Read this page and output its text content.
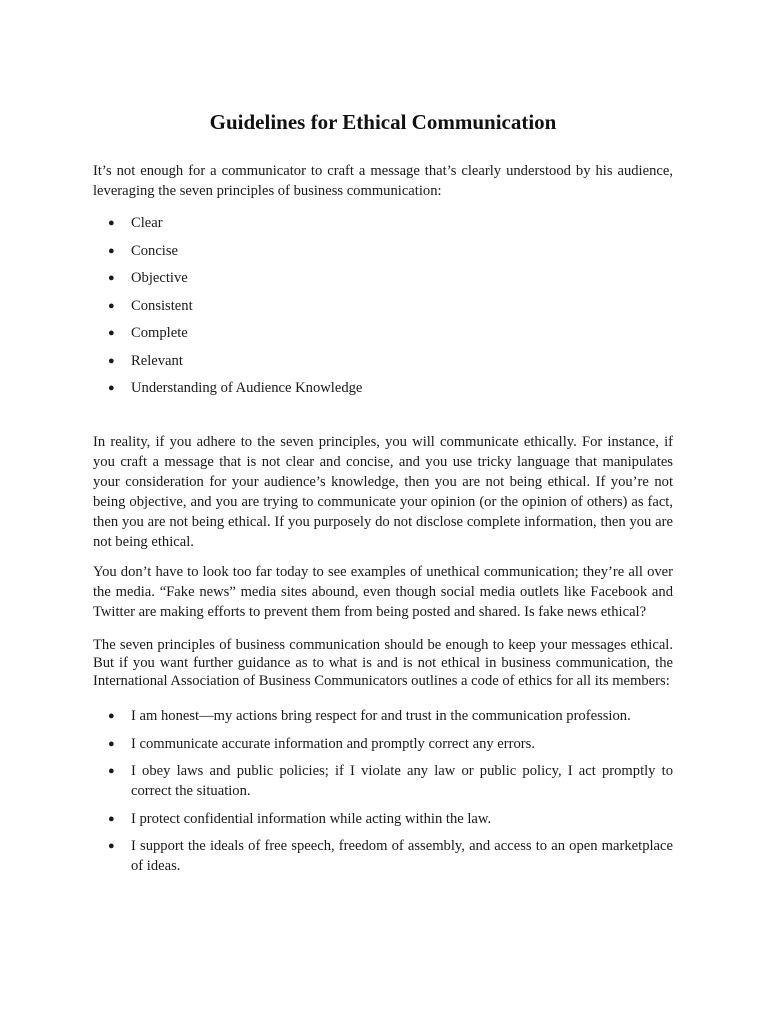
Guidelines for Ethical Communication

It’s not enough for a communicator to craft a message that’s clearly understood by his audience, leveraging the seven principles of business communication:

● Clear
● Concise
● Objective
● Consistent
● Complete
● Relevant
● Understanding of Audience Knowledge

In reality, if you adhere to the seven principles, you will communicate ethically. For instance, if you craft a message that is not clear and concise, and you use tricky language that manipulates your consideration for your audience’s knowledge, then you are not being ethical. If you’re not being objective, and you are trying to communicate your opinion (or the opinion of others) as fact, then you are not being ethical. If you purposely do not disclose complete information, then you are not being ethical.

You don’t have to look too far today to see examples of unethical communication; they’re all over the media. “Fake news” media sites abound, even though social media outlets like Facebook and Twitter are making efforts to prevent them from being posted and shared. Is fake news ethical?

The seven principles of business communication should be enough to keep your messages ethical. But if you want further guidance as to what is and is not ethical in business communication, the International Association of Business Communicators outlines a code of ethics for all its members:

● I am honest—my actions bring respect for and trust in the communication profession.
● I communicate accurate information and promptly correct any errors.
● I obey laws and public policies; if I violate any law or public policy, I act promptly to correct the situation.
● I protect confidential information while acting within the law.
● I support the ideals of free speech, freedom of assembly, and access to an open marketplace of ideas.
